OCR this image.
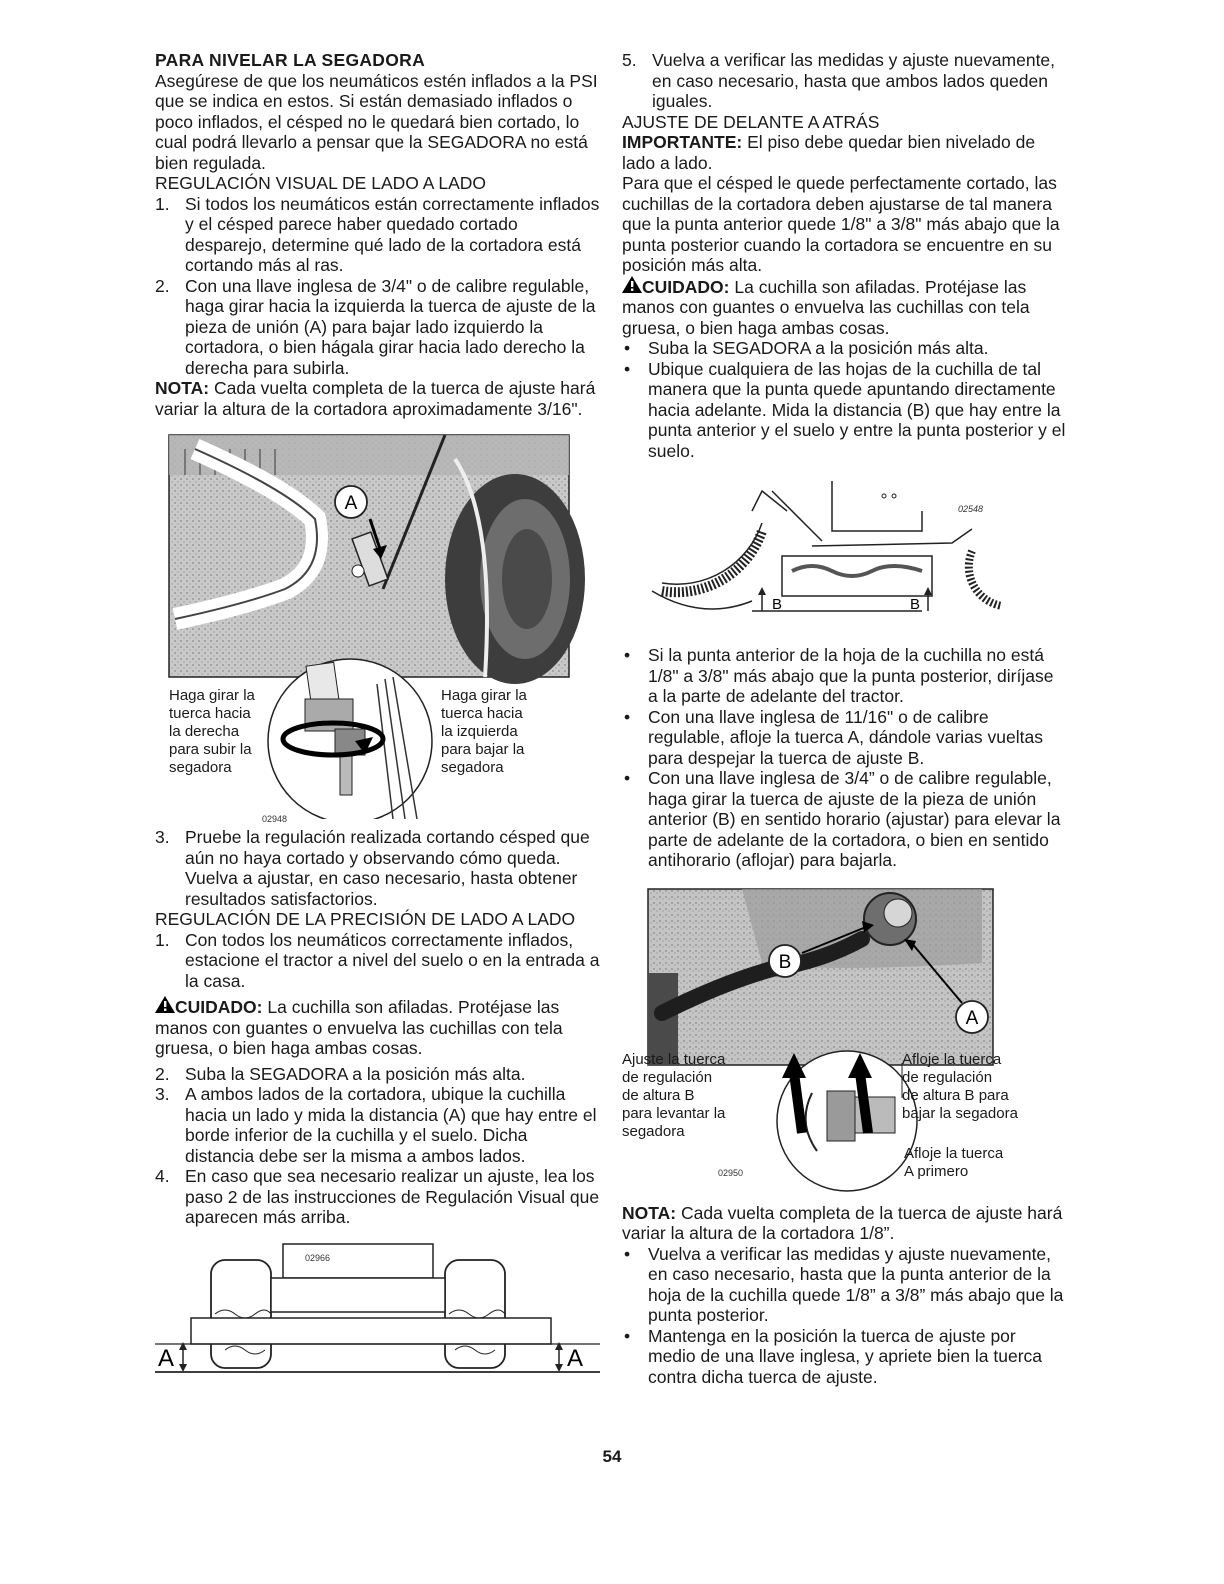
PARA NIVELAR LA SEGADORA

Asegúrese de que los neumáticos estén inflados a la PSI que se indica en estos. Si están demasiado inflados o poco inflados, el césped no le quedará bien cortado, lo cual podrá llevarlo a pensar que la SEGADORA no está bien regulada.

REGULACIÓN VISUAL DE LADO A LADO

1. Si todos los neumáticos están correctamente inflados y el césped parece haber quedado cortado desparejo, determine qué lado de la cortadora está cortando más al ras.
2. Con una llave inglesa de 3/4" o de calibre regulable, haga girar hacia la izquierda la tuerca de ajuste de la pieza de unión (A) para bajar lado izquierdo la cortadora, o bien hágala girar hacia lado derecho la derecha para subirla.

NOTA: Cada vuelta completa de la tuerca de ajuste hará variar la altura de la cortadora aproximadamente 3/16".

A
Haga girar la
tuerca hacia
la derecha
para subir la
segadora
Haga girar la
tuerca hacia
la izquierda
para bajar la
segadora
02948
3. Pruebe la regulación realizada cortando césped que aún no haya cortado y observando cómo queda. Vuelva a ajustar, en caso necesario, hasta obtener resultados satisfactorios.

REGULACIÓN DE LA PRECISIÓN DE LADO A LADO

1. Con todos los neumáticos correctamente inflados, estacione el tractor a nivel del suelo o en la entrada a la casa.

CUIDADO: La cuchilla son afiladas. Protéjase las manos con guantes o envuelva las cuchillas con tela gruesa, o bien haga ambas cosas.

2. Suba la SEGADORA a la posición más alta.
3. A ambos lados de la cortadora, ubique la cuchilla hacia un lado y mida la distancia (A) que hay entre el borde inferior de la cuchilla y el suelo. Dicha distancia debe ser la misma a ambos lados.
4. En caso que sea necesario realizar un ajuste, lea los paso 2 de las instrucciones de Regulación Visual que aparecen más arriba.
A	A
02966
5. Vuelva a verificar las medidas y ajuste nuevamente, en caso necesario, hasta que ambos lados queden iguales.

AJUSTE DE DELANTE A ATRÁS

IMPORTANTE: El piso debe quedar bien nivelado de lado a lado.

Para que el césped le quede perfectamente cortado, las cuchillas de la cortadora deben ajustarse de tal manera que la punta anterior quede 1/8" a 3/8" más abajo que la punta posterior cuando la cortadora se encuentre en su posición más alta.

CUIDADO: La cuchilla son afiladas. Protéjase las manos con guantes o envuelva las cuchillas con tela gruesa, o bien haga ambas cosas.

• Suba la SEGADORA a la posición más alta.
• Ubique cualquiera de las hojas de la cuchilla de tal manera que la punta quede apuntando directamente hacia adelante. Mida la distancia (B) que hay entre la punta anterior y el suelo y entre la punta posterior y el suelo.
B	B
02548
• Si la punta anterior de la hoja de la cuchilla no está 1/8" a 3/8" más abajo que la punta posterior, diríjase a la parte de adelante del tractor.
• Con una llave inglesa de 11/16" o de calibre regulable, afloje la tuerca A, dándole varias vueltas para despejar la tuerca de ajuste B.
• Con una llave inglesa de 3/4” o de calibre regulable, haga girar la tuerca de ajuste de la pieza de unión anterior (B) en sentido horario (ajustar) para elevar la parte de adelante de la cortadora, o bien en sentido antihorario (aflojar) para bajarla.
B
A
Ajuste la tuerca
de regulación
de altura B
para levantar la
segadora
Afloje la tuerca
de regulación
de altura B para
bajar la segadora
Afloje la tuerca
A primero
02950

NOTA: Cada vuelta completa de la tuerca de ajuste hará variar la altura de la cortadora 1/8”.

• Vuelva a verificar las medidas y ajuste nuevamente, en caso necesario, hasta que la punta anterior de la hoja de la cuchilla quede 1/8” a 3/8” más abajo que la punta posterior.
• Mantenga en la posición la tuerca de ajuste por medio de una llave inglesa, y apriete bien la tuerca contra dicha tuerca de ajuste.
54
